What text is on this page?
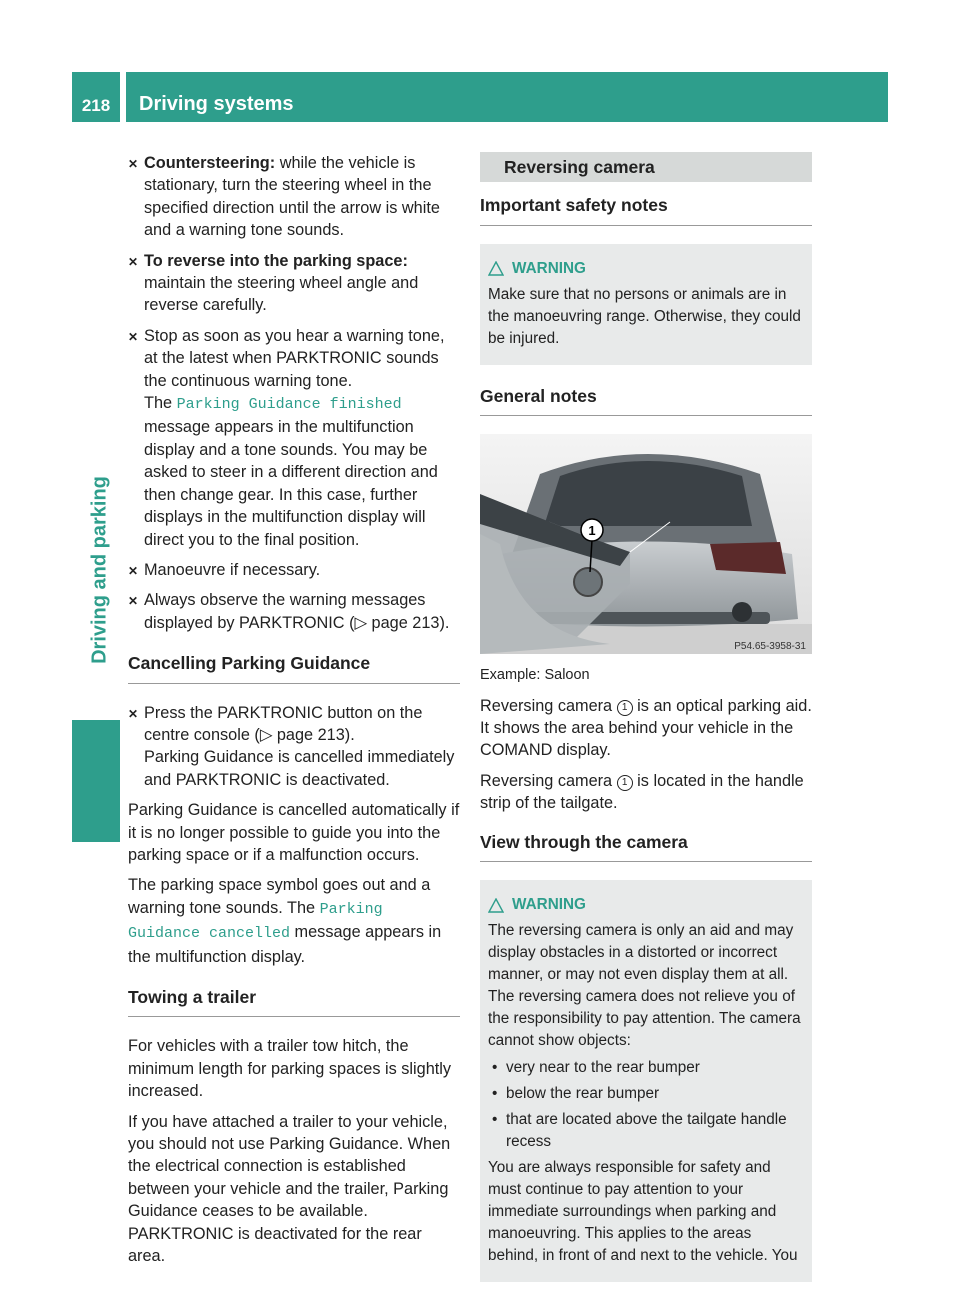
218	Driving systems
Driving and parking
✕ Countersteering: while the vehicle is stationary, turn the steering wheel in the specified direction until the arrow is white and a warning tone sounds.
✕ To reverse into the parking space: maintain the steering wheel angle and reverse carefully.
✕ Stop as soon as you hear a warning tone, at the latest when PARKTRONIC sounds the continuous warning tone.
The Parking Guidance finished message appears in the multifunction display and a tone sounds. You may be asked to steer in a different direction and then change gear. In this case, further displays in the multifunction display will direct you to the final position.
✕ Manoeuvre if necessary.
✕ Always observe the warning messages displayed by PARKTRONIC (▷ page 213).
Cancelling Parking Guidance
✕ Press the PARKTRONIC button on the centre console (▷ page 213).
Parking Guidance is cancelled immediately and PARKTRONIC is deactivated.

Parking Guidance is cancelled automatically if it is no longer possible to guide you into the parking space or if a malfunction occurs.

The parking space symbol goes out and a warning tone sounds. The Parking Guidance cancelled message appears in the multifunction display.

Towing a trailer

For vehicles with a trailer tow hitch, the minimum length for parking spaces is slightly increased.

If you have attached a trailer to your vehicle, you should not use Parking Guidance. When the electrical connection is established between your vehicle and the trailer, Parking Guidance ceases to be available. PARKTRONIC is deactivated for the rear area.

Reversing camera
Important safety notes
WARNING

Make sure that no persons or animals are in the manoeuvring range. Otherwise, they could be injured.

General notes
1
P54.65-3958-31

Example: Saloon

Reversing camera 1 is an optical parking aid. It shows the area behind your vehicle in the COMAND display.

Reversing camera 1 is located in the handle strip of the tailgate.

View through the camera
WARNING

The reversing camera is only an aid and may display obstacles in a distorted or incorrect manner, or may not even display them at all. The reversing camera does not relieve you of the responsibility to pay attention. The camera cannot show objects:

• very near to the rear bumper
• below the rear bumper
• that are located above the tailgate handle recess

You are always responsible for safety and must continue to pay attention to your immediate surroundings when parking and manoeuvring. This applies to the areas behind, in front of and next to the vehicle. You
